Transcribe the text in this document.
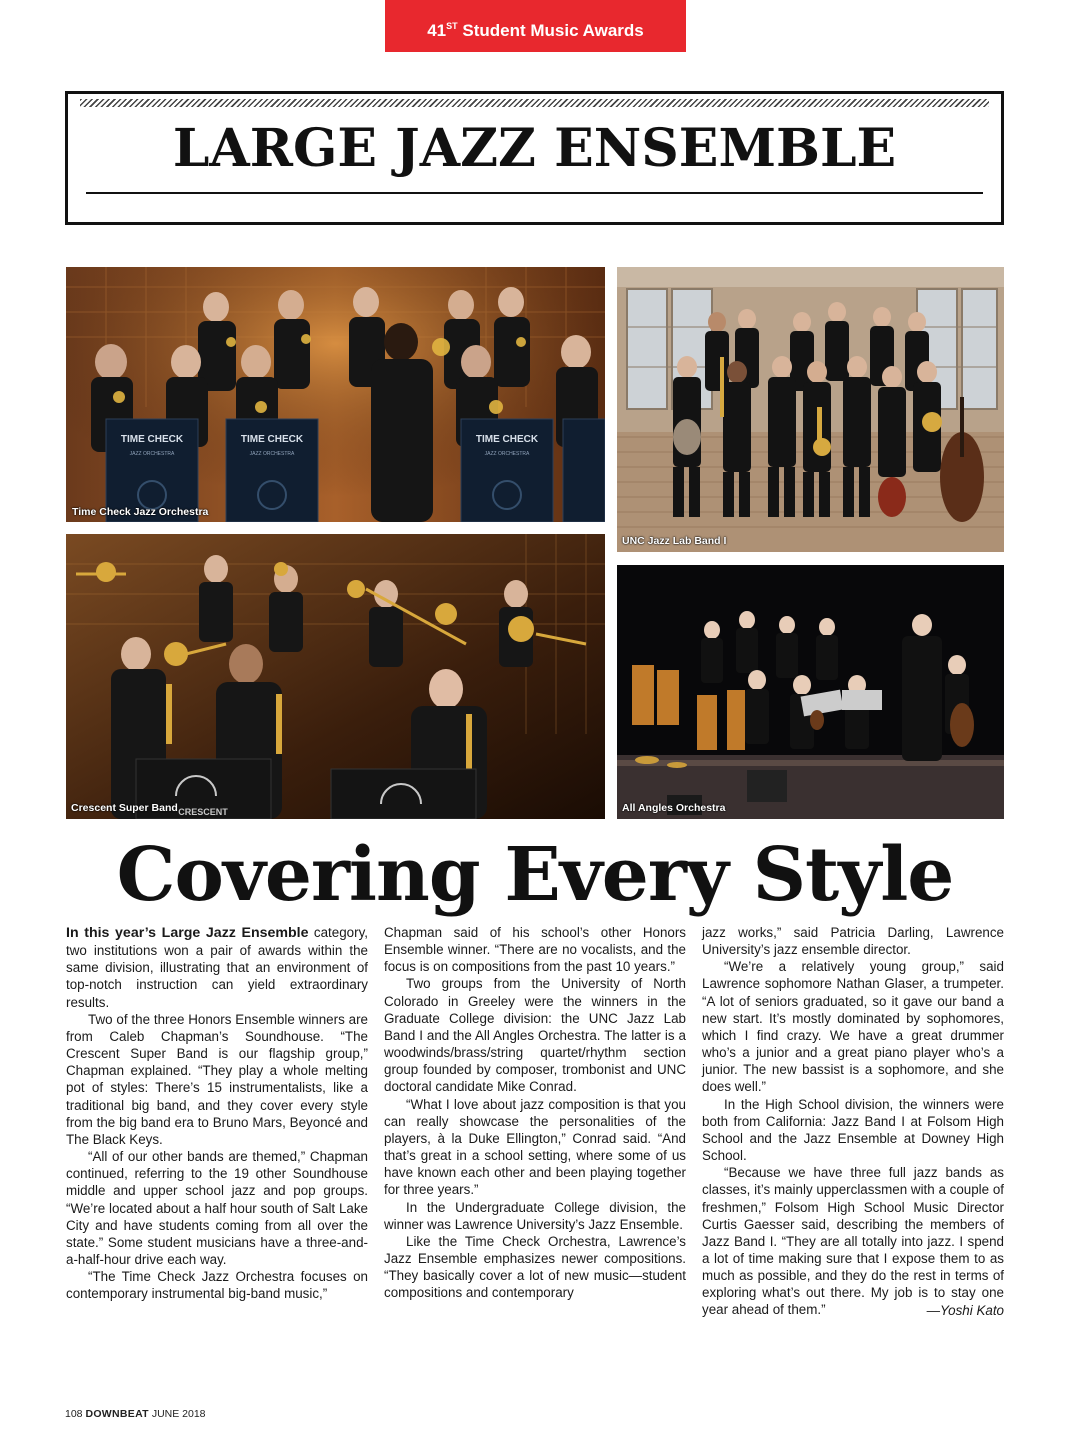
41ST Student Music Awards
LARGE JAZZ ENSEMBLE
TIME CHECK	TIME CHECK	TIME CHECK
JAZZ ORCHESTRA	JAZZ ORCHESTRA	JAZZ ORCHESTRA
Time Check Jazz Orchestra
UNC Jazz Lab Band I
CRESCENT
Crescent Super Band	All Angles Orchestra
Covering Every Style

In this year’s Large Jazz Ensemble category, two institutions won a pair of awards within the same division, illustrating that an environment of top-notch instruction can yield extraordinary results.

Two of the three Honors Ensemble winners are from Caleb Chapman’s Soundhouse. “The Crescent Super Band is our flagship group,” Chapman explained. “They play a whole melting pot of styles: There’s 15 instrumentalists, like a traditional big band, and they cover every style from the big band era to Bruno Mars, Beyoncé and The Black Keys.

“All of our other bands are themed,” Chapman continued, referring to the 19 other Soundhouse middle and upper school jazz and pop groups. “We’re located about a half hour south of Salt Lake City and have students coming from all over the state.” Some student musicians have a three-and-a-half-hour drive each way.

“The Time Check Jazz Orchestra focuses on contemporary instrumental big-band music,”

Chapman said of his school’s other Honors Ensemble winner. “There are no vocalists, and the focus is on compositions from the past 10 years.”

Two groups from the University of North Colorado in Greeley were the winners in the Graduate College division: the UNC Jazz Lab Band I and the All Angles Orchestra. The latter is a woodwinds/brass/string quartet/rhythm section group founded by composer, trombonist and UNC doctoral candidate Mike Conrad.

“What I love about jazz composition is that you can really showcase the personalities of the players, à la Duke Ellington,” Conrad said. “And that’s great in a school setting, where some of us have known each other and been playing together for three years.”

In the Undergraduate College division, the winner was Lawrence University’s Jazz Ensemble.

Like the Time Check Orchestra, Lawrence’s Jazz Ensemble emphasizes newer compositions. “They basically cover a lot of new music—student compositions and contemporary

jazz works,” said Patricia Darling, Lawrence University’s jazz ensemble director.

“We’re a relatively young group,” said Lawrence sophomore Nathan Glaser, a trumpeter. “A lot of seniors graduated, so it gave our band a new start. It’s mostly dominated by sophomores, which I find crazy. We have a great drummer who’s a junior and a great piano player who’s a junior. The new bassist is a sophomore, and she does well.”

In the High School division, the winners were both from California: Jazz Band I at Folsom High School and the Jazz Ensemble at Downey High School.

“Because we have three full jazz bands as classes, it’s mainly upperclassmen with a couple of freshmen,” Folsom High School Music Director Curtis Gaesser said, describing the members of Jazz Band I. “They are all totally into jazz. I spend a lot of time making sure that I expose them to as much as possible, and they do the rest in terms of exploring what’s out there. My job is to stay one year ahead of them.”	—Yoshi Kato
108 DOWNBEAT JUNE 2018
